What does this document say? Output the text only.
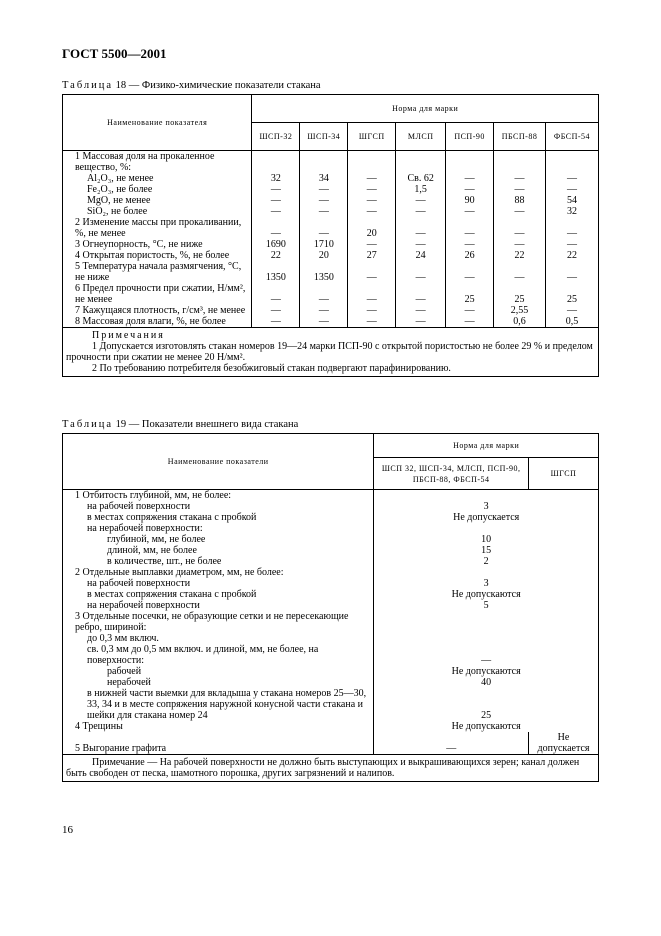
ГОСТ 5500—2001
Таблица 18 — Физико-химические показатели стакана
Наименование показателя	Норма для марки						
	ШСП-32	ШСП-34	ШГСП	МЛСП	ПСП-90	ПБСП-88	ФБСП-54
1 Массовая доля на прокаленное вещество, %:							
Al₂O₃, не менее	32	34	—	Св. 62	—	—	—
Fe₂O₃, не более	—	—	—	1,5	—	—	—
MgO, не менее	—	—	—	—	90	88	54
SiO₂, не более	—	—	—	—	—	—	32
2 Изменение массы при прокаливании, %, не менее	—	—	20	—	—	—	—
3 Огнеупорность, °С, не ниже	1690	1710	—	—	—	—	—
4 Открытая пористость, %, не более	22	20	27	24	26	22	22
5 Температура начала размягчения, °С, не ниже	1350	1350	—	—	—	—	—
6 Предел прочности при сжатии, Н/мм², не менее	—	—	—	—	25	25	25
7 Кажущаяся плотность, г/см³, не менее	—	—	—	—	—	2,55	—
8 Массовая доля влаги, %, не более	—	—	—	—	—	0,6	0,5

Примечания
1 Допускается изготовлять стакан номеров 19—24 марки ПСП-90 с открытой пористостью не более 29 % и пределом прочности при сжатии не менее 20 Н/мм².
2 По требованию потребителя безобжиговый стакан подвергают парафинированию.							
Таблица 19 — Показатели внешнего вида стакана
Наименование показатели	Норма для марки	
	ШСП 32, ШСП-34, МЛСП, ПСП-90, ПБСП-88, ФБСП-54	ШГСП
1 Отбитость глубиной, мм, не более:		
на рабочей поверхности	3	
в местах сопряжения стакана с пробкой	Не допускается	
на нерабочей поверхности:		
глубиной, мм, не более	10	
длиной, мм, не более	15	
в количестве, шт., не более	2	
2 Отдельные выплавки диаметром, мм, не более:		
на рабочей поверхности	3	
в местах сопряжения стакана с пробкой	Не допускаются	
на нерабочей поверхности	5	
3 Отдельные посечки, не образующие сетки и не пересекающие ребро, шириной:		
до 0,3 мм включ.		
св. 0,3 мм до 0,5 мм включ. и длиной, мм, не более, на поверхности:	—	
рабочей	Не допускаются	
нерабочей	40	
в нижней части выемки для вкладыша у стакана номеров 25—30, 33, 34 и в месте сопряжения наружной конусной части стакана и шейки для стакана номер 24	25	
4 Трещины	Не допускаются	
5 Выгорание графита	—	Не допускается
Примечание — На рабочей поверхности не должно быть выступающих и выкрашивающихся зерен; канал должен быть свободен от песка, шамотного порошка, других загрязнений и налипов.		
16
